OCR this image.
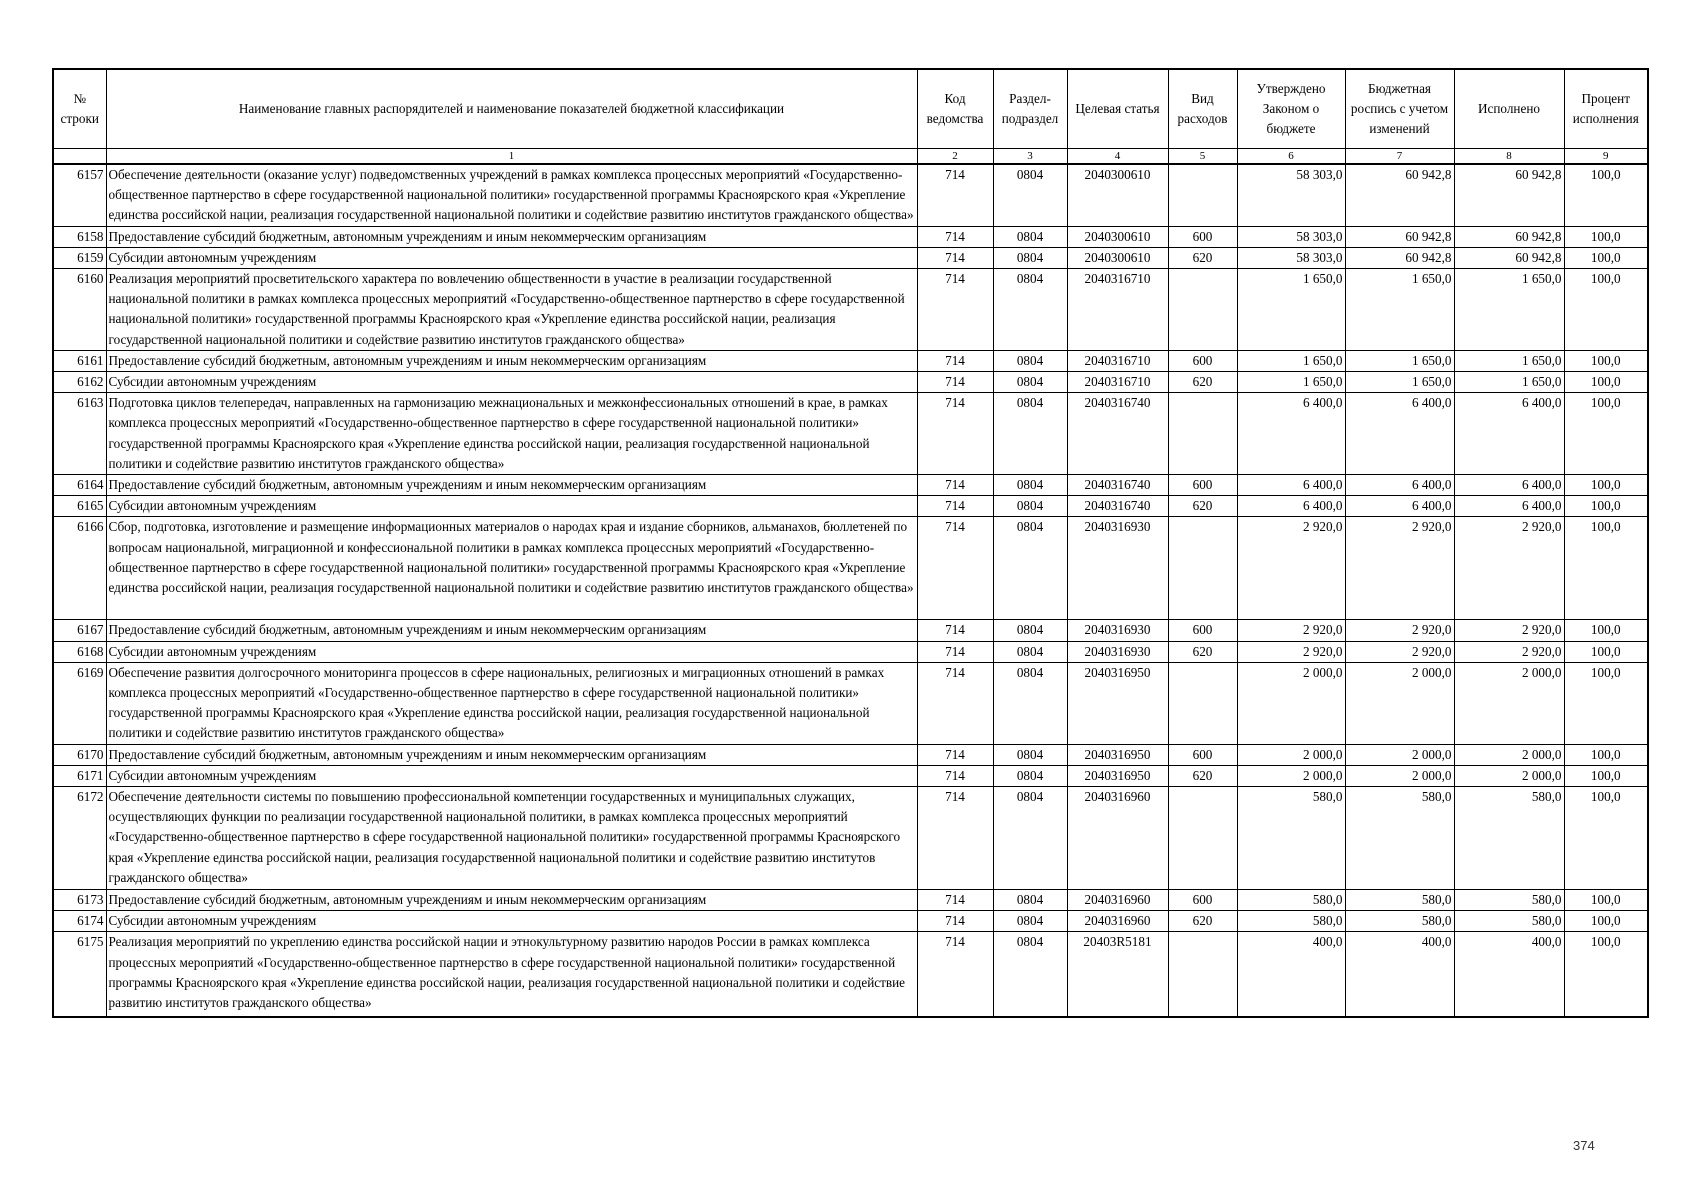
№ строки	Наименование главных распорядителей и наименование показателей бюджетной классификации	Код ведомства	Раздел-подраздел	Целевая статья	Вид расходов	Утверждено Законом о бюджете	Бюджетная роспись с учетом изменений	Исполнено	Процент исполнения
	1	2	3	4	5	6	7	8	9
6157	Обеспечение деятельности (оказание услуг) подведомственных учреждений в рамках комплекса процессных мероприятий «Государственно-общественное партнерство в сфере государственной национальной политики» государственной программы Красноярского края «Укрепление единства российской нации, реализация государственной национальной политики и содействие развитию институтов гражданского общества»	714	0804	2040300610		58 303,0	60 942,8	60 942,8	100,0
6158	Предоставление субсидий бюджетным, автономным учреждениям и иным некоммерческим организациям	714	0804	2040300610	600	58 303,0	60 942,8	60 942,8	100,0
6159	Субсидии автономным учреждениям	714	0804	2040300610	620	58 303,0	60 942,8	60 942,8	100,0
6160	Реализация мероприятий просветительского характера по вовлечению общественности в участие в реализации государственной национальной политики в рамках комплекса процессных мероприятий «Государственно-общественное партнерство в сфере государственной национальной политики» государственной программы Красноярского края «Укрепление единства российской нации, реализация государственной национальной политики и содействие развитию институтов гражданского общества»	714	0804	2040316710		1 650,0	1 650,0	1 650,0	100,0
6161	Предоставление субсидий бюджетным, автономным учреждениям и иным некоммерческим организациям	714	0804	2040316710	600	1 650,0	1 650,0	1 650,0	100,0
6162	Субсидии автономным учреждениям	714	0804	2040316710	620	1 650,0	1 650,0	1 650,0	100,0
6163	Подготовка циклов телепередач, направленных на гармонизацию межнациональных и межконфессиональных отношений в крае, в рамках комплекса процессных мероприятий «Государственно-общественное партнерство в сфере государственной национальной политики» государственной программы Красноярского края «Укрепление единства российской нации, реализация государственной национальной политики и содействие развитию институтов гражданского общества»	714	0804	2040316740		6 400,0	6 400,0	6 400,0	100,0
6164	Предоставление субсидий бюджетным, автономным учреждениям и иным некоммерческим организациям	714	0804	2040316740	600	6 400,0	6 400,0	6 400,0	100,0
6165	Субсидии автономным учреждениям	714	0804	2040316740	620	6 400,0	6 400,0	6 400,0	100,0
6166	Сбор, подготовка, изготовление и размещение информационных материалов о народах края и издание сборников, альманахов, бюллетеней по вопросам национальной, миграционной и конфессиональной политики в рамках комплекса процессных мероприятий «Государственно-общественное партнерство в сфере государственной национальной политики» государственной программы Красноярского края «Укрепление единства российской нации, реализация государственной национальной политики и содействие развитию институтов гражданского общества»	714	0804	2040316930		2 920,0	2 920,0	2 920,0	100,0
6167	Предоставление субсидий бюджетным, автономным учреждениям и иным некоммерческим организациям	714	0804	2040316930	600	2 920,0	2 920,0	2 920,0	100,0
6168	Субсидии автономным учреждениям	714	0804	2040316930	620	2 920,0	2 920,0	2 920,0	100,0
6169	Обеспечение развития долгосрочного мониторинга процессов в сфере национальных, религиозных и миграционных отношений в рамках комплекса процессных мероприятий «Государственно-общественное партнерство в сфере государственной национальной политики» государственной программы Красноярского края «Укрепление единства российской нации, реализация государственной национальной политики и содействие развитию институтов гражданского общества»	714	0804	2040316950		2 000,0	2 000,0	2 000,0	100,0
6170	Предоставление субсидий бюджетным, автономным учреждениям и иным некоммерческим организациям	714	0804	2040316950	600	2 000,0	2 000,0	2 000,0	100,0
6171	Субсидии автономным учреждениям	714	0804	2040316950	620	2 000,0	2 000,0	2 000,0	100,0
6172	Обеспечение деятельности системы по повышению профессиональной компетенции государственных и муниципальных служащих, осуществляющих функции по реализации государственной национальной политики, в рамках комплекса процессных мероприятий «Государственно-общественное партнерство в сфере государственной национальной политики» государственной программы Красноярского края «Укрепление единства российской нации, реализация государственной национальной политики и содействие развитию институтов гражданского общества»	714	0804	2040316960		580,0	580,0	580,0	100,0
6173	Предоставление субсидий бюджетным, автономным учреждениям и иным некоммерческим организациям	714	0804	2040316960	600	580,0	580,0	580,0	100,0
6174	Субсидии автономным учреждениям	714	0804	2040316960	620	580,0	580,0	580,0	100,0
6175	Реализация мероприятий по укреплению единства российской нации и этнокультурному развитию народов России в рамках комплекса процессных мероприятий «Государственно-общественное партнерство в сфере государственной национальной политики» государственной программы Красноярского края «Укрепление единства российской нации, реализация государственной национальной политики и содействие развитию институтов гражданского общества»	714	0804	20403R5181		400,0	400,0	400,0	100,0
374
